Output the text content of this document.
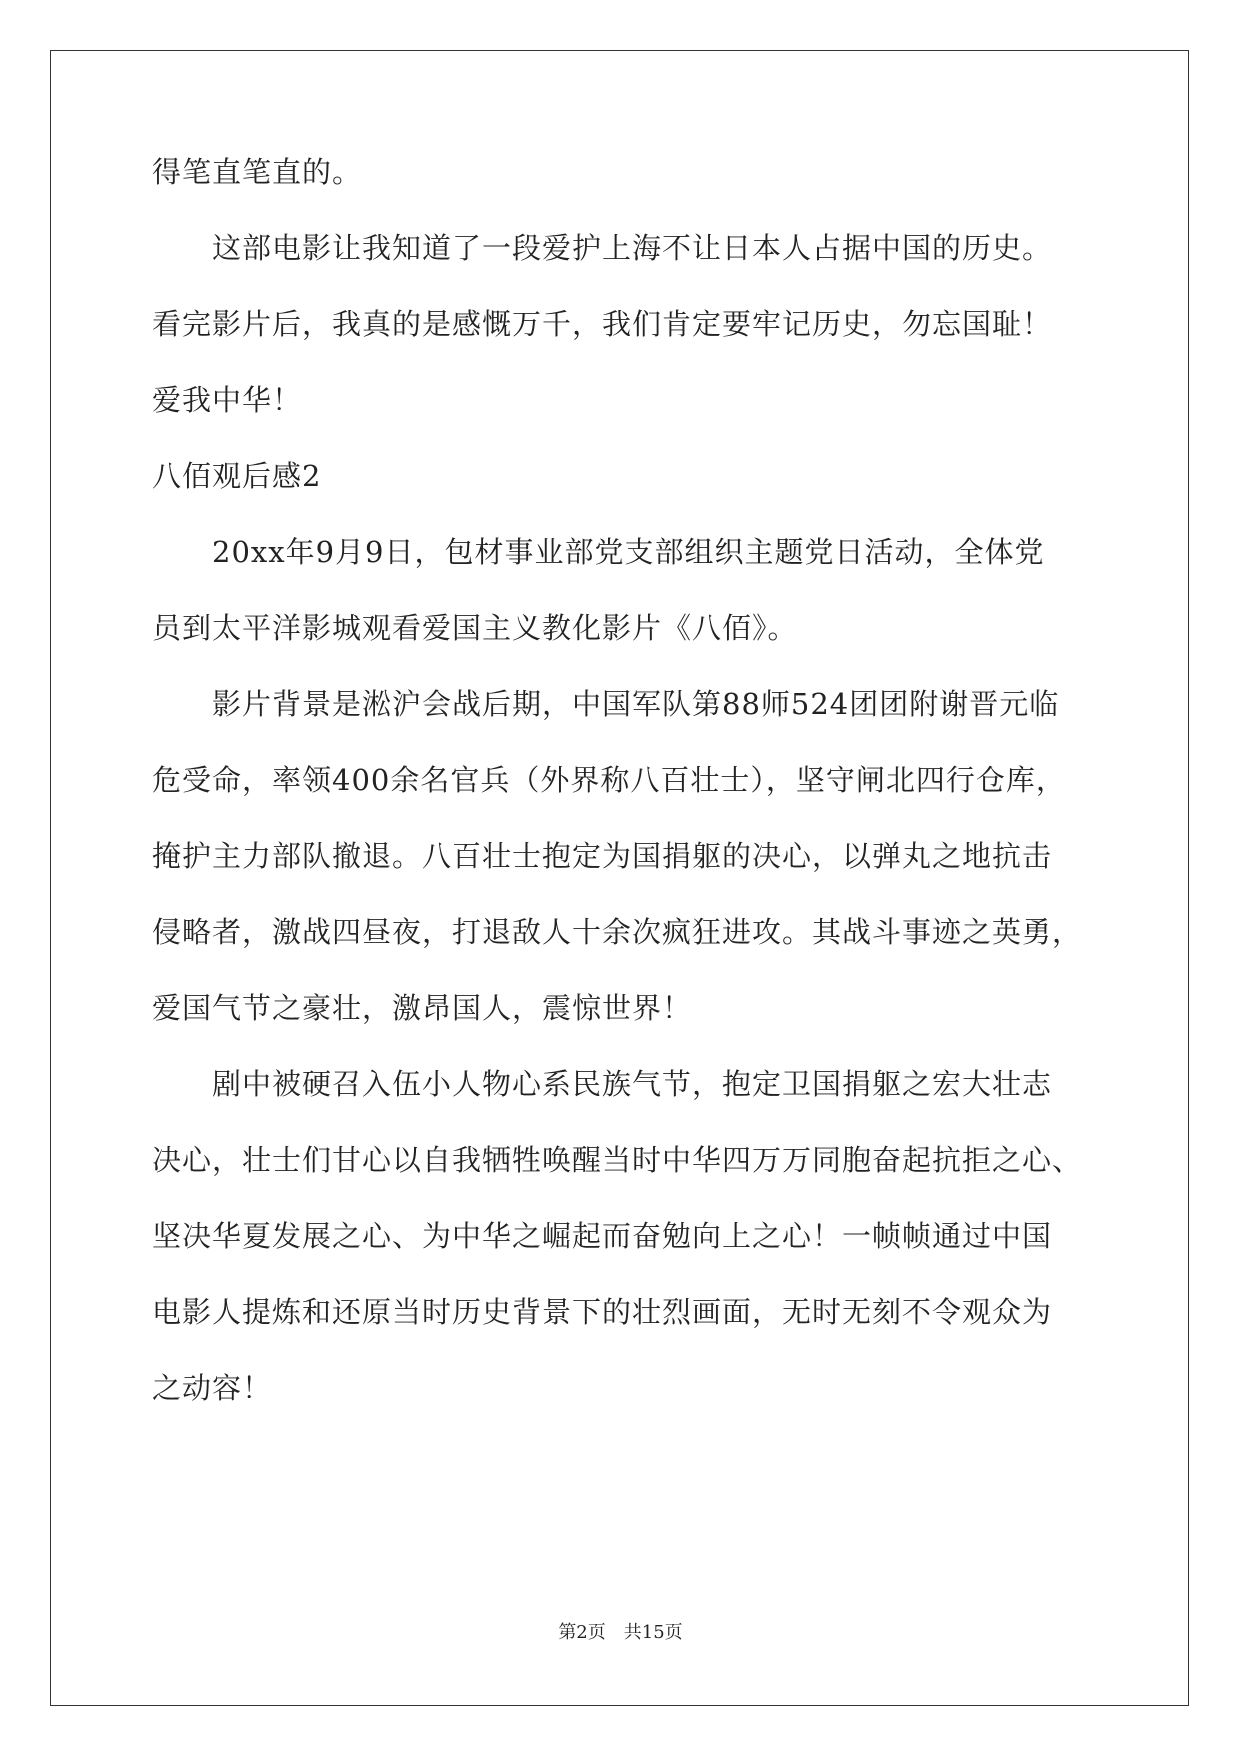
得笔直笔直的。
这部电影让我知道了一段爱护上海不让日本人占据中国的历史。
看完影片后，我真的是感慨万千，我们肯定要牢记历史，勿忘国耻！
爱我中华！
八佰观后感2
20xx年9月9日，包材事业部党支部组织主题党日活动，全体党
员到太平洋影城观看爱国主义教化影片《八佰》。
影片背景是淞沪会战后期，中国军队第88师524团团附谢晋元临
危受命，率领400余名官兵（外界称八百壮士），坚守闸北四行仓库，
掩护主力部队撤退。八百壮士抱定为国捐躯的决心，以弹丸之地抗击
侵略者，激战四昼夜，打退敌人十余次疯狂进攻。其战斗事迹之英勇，
爱国气节之豪壮，激昂国人，震惊世界！
剧中被硬召入伍小人物心系民族气节，抱定卫国捐躯之宏大壮志
决心，壮士们甘心以自我牺牲唤醒当时中华四万万同胞奋起抗拒之心、
坚决华夏发展之心、为中华之崛起而奋勉向上之心！一帧帧通过中国
电影人提炼和还原当时历史背景下的壮烈画面，无时无刻不令观众为
之动容！
第2页 共15页
